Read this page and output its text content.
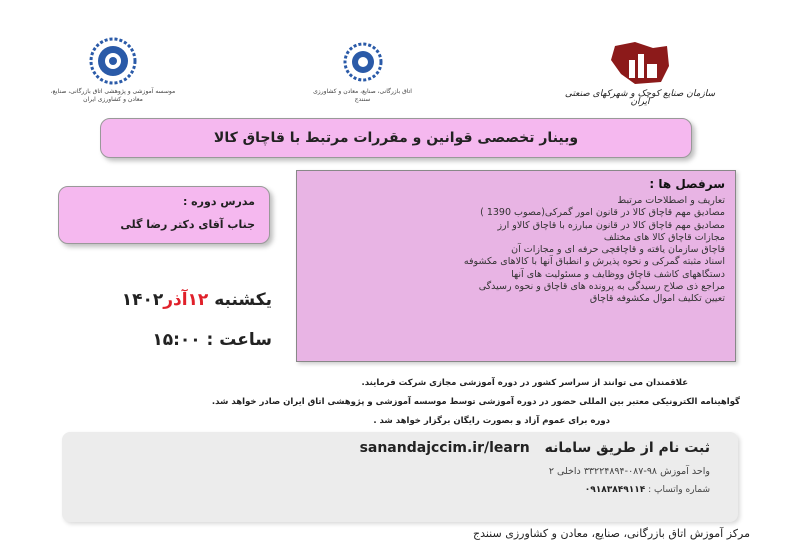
موسسه آموزشی و پژوهشی اتاق بازرگانی، صنایع، معادن و کشاورزی ایران
اتاق بازرگانی، صنایع، معادن و کشاورزی سنندج
سازمان صنایع کوچک و شهرکهای صنعتی ایران
وبینار تخصصی قوانین و مقررات مرتبط با قاچاق کالا
سرفصل ها :
تعاریف و اصطلاحات مرتبط
مصادیق مهم قاچاق کالا در قانون امور گمرکی(مصوب 1390 )
مصادیق مهم قاچاق کالا در قانون مبارزه با قاچاق کالاو ارز
مجازات قاچاق کالا های مختلف
قاچاق سازمان یافته و قاچاقچی حرفه ای و مجازات آن
اسناد مثبته گمرکی و نحوه پذیرش و انطباق آنها با کالاهای مکشوفه
دستگاههای کاشف قاچاق ووظایف و مسئولیت های آنها
مراجع ذی صلاح رسیدگی به پرونده های قاچاق و نحوه رسیدگی
تعیین تکلیف اموال مکشوفه قاچاق
مدرس دوره :
جناب آقای دکتر رضا گلی
یکشنبه ۱۲آذر۱۴۰۲
ساعت : ۱۵:۰۰
علاقمندان می توانند از سراسر کشور در دوره آموزشی مجازی شرکت فرمایند.
گواهینامه الکترونیکی معتبر بین المللی حضور در دوره آموزشی توسط موسسه آموزشی و پژوهشی اتاق ایران صادر خواهد شد.
دوره برای عموم آزاد و بصورت رایگان برگزار خواهد شد .
ثبت نام از طریق سامانه sanandajccim.ir/learn
واحد آموزش ۹۸-۰۸۷-۳۳۲۲۴۸۹۴ داخلی ۲
شماره واتساپ : ۰۹۱۸۳۸۴۹۱۱۴
مرکز آموزش اتاق بازرگانی، صنایع، معادن و کشاورزی سنندج
